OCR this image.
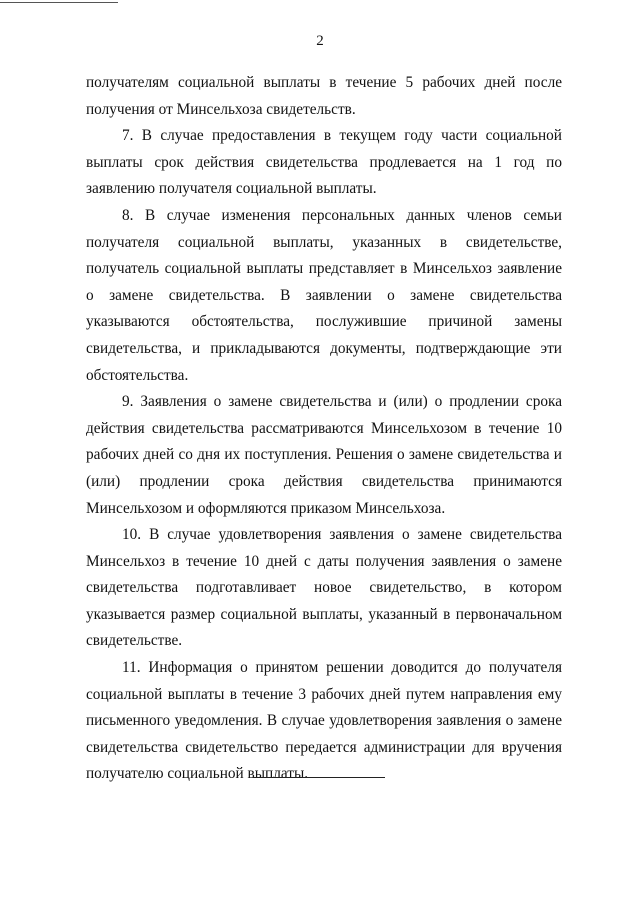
2

получателям социальной выплаты в течение 5 рабочих дней после получения от Минсельхоза свидетельств.

7. В случае предоставления в текущем году части социальной выплаты срок действия свидетельства продлевается на 1 год по заявлению получателя социальной выплаты.

8. В случае изменения персональных данных членов семьи получателя социальной выплаты, указанных в свидетельстве, получатель социальной выплаты представляет в Минсельхоз заявление о замене свидетельства. В заявлении о замене свидетельства указываются обстоятельства, послужившие причиной замены свидетельства, и прикладываются документы, подтверждающие эти обстоятельства.

9. Заявления о замене свидетельства и (или) о продлении срока действия свидетельства рассматриваются Минсельхозом в течение 10 рабочих дней со дня их поступления. Решения о замене свидетельства и (или) продлении срока действия свидетельства принимаются Минсельхозом и оформляются приказом Минсельхоза.

10. В случае удовлетворения заявления о замене свидетельства Минсельхоз в течение 10 дней с даты получения заявления о замене свидетельства подготавливает новое свидетельство, в котором указывается размер социальной выплаты, указанный в первоначальном свидетельстве.

11. Информация о принятом решении доводится до получателя социальной выплаты в течение 3 рабочих дней путем направления ему письменного уведомления. В случае удовлетворения заявления о замене свидетельства свидетельство передается администрации для вручения получателю социальной выплаты.
